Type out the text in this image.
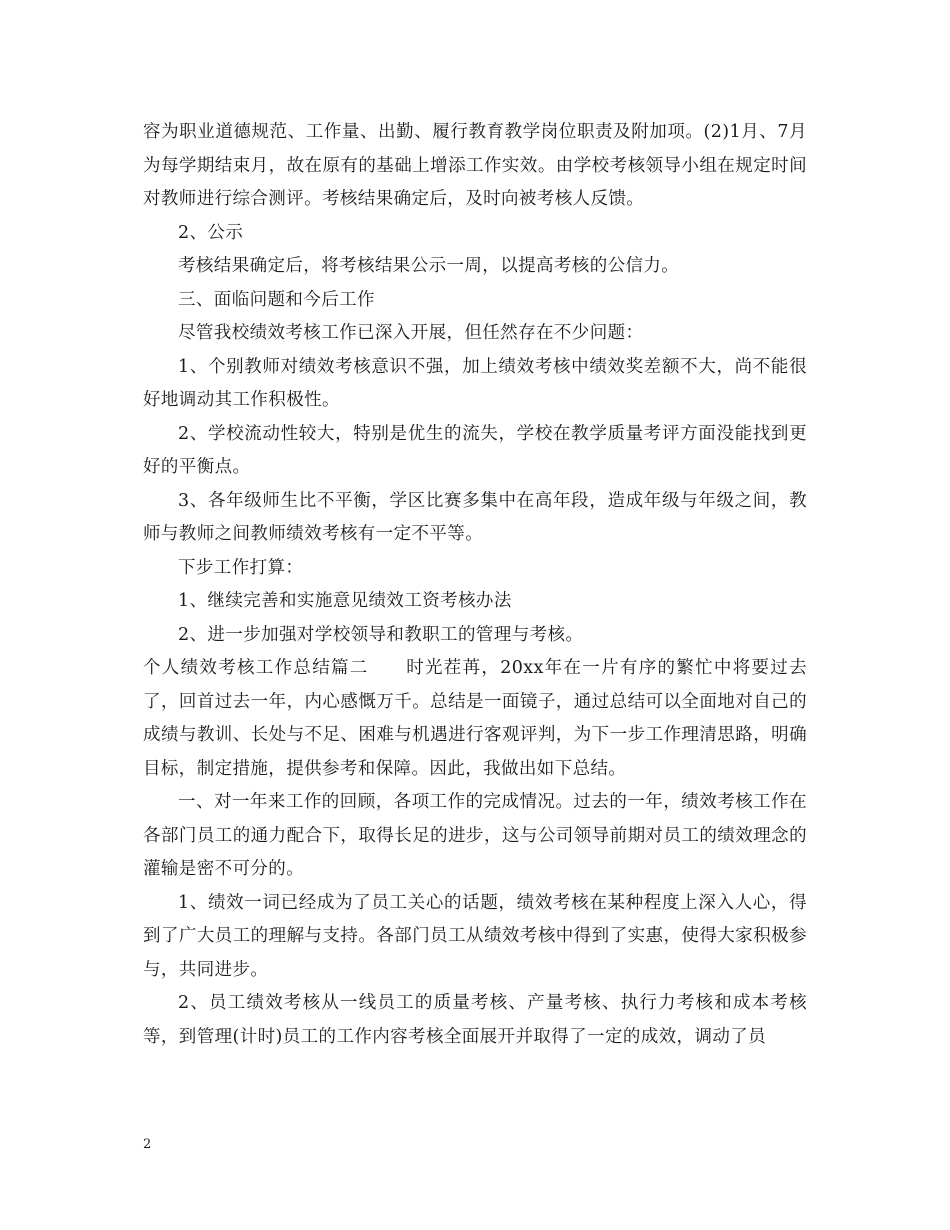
容为职业道德规范、工作量、出勤、履行教育教学岗位职责及附加项。(2)1月、7月为每学期结束月，故在原有的基础上增添工作实效。由学校考核领导小组在规定时间对教师进行综合测评。考核结果确定后，及时向被考核人反馈。

2、公示

考核结果确定后，将考核结果公示一周，以提高考核的公信力。

三、面临问题和今后工作

尽管我校绩效考核工作已深入开展，但任然存在不少问题：

1、个别教师对绩效考核意识不强，加上绩效考核中绩效奖差额不大，尚不能很好地调动其工作积极性。

2、学校流动性较大，特别是优生的流失，学校在教学质量考评方面没能找到更好的平衡点。

3、各年级师生比不平衡，学区比赛多集中在高年段，造成年级与年级之间，教师与教师之间教师绩效考核有一定不平等。

下步工作打算：

1、继续完善和实施意见绩效工资考核办法

2、进一步加强对学校领导和教职工的管理与考核。

个人绩效考核工作总结篇二　　时光茬苒，20xx年在一片有序的繁忙中将要过去了，回首过去一年，内心感慨万千。总结是一面镜子，通过总结可以全面地对自己的成绩与教训、长处与不足、困难与机遇进行客观评判，为下一步工作理清思路，明确目标，制定措施，提供参考和保障。因此，我做出如下总结。

一、对一年来工作的回顾，各项工作的完成情况。过去的一年，绩效考核工作在各部门员工的通力配合下，取得长足的进步，这与公司领导前期对员工的绩效理念的灌输是密不可分的。

1、绩效一词已经成为了员工关心的话题，绩效考核在某种程度上深入人心，得到了广大员工的理解与支持。各部门员工从绩效考核中得到了实惠，使得大家积极参与，共同进步。

2、员工绩效考核从一线员工的质量考核、产量考核、执行力考核和成本考核等，到管理(计时)员工的工作内容考核全面展开并取得了一定的成效，调动了员

2
